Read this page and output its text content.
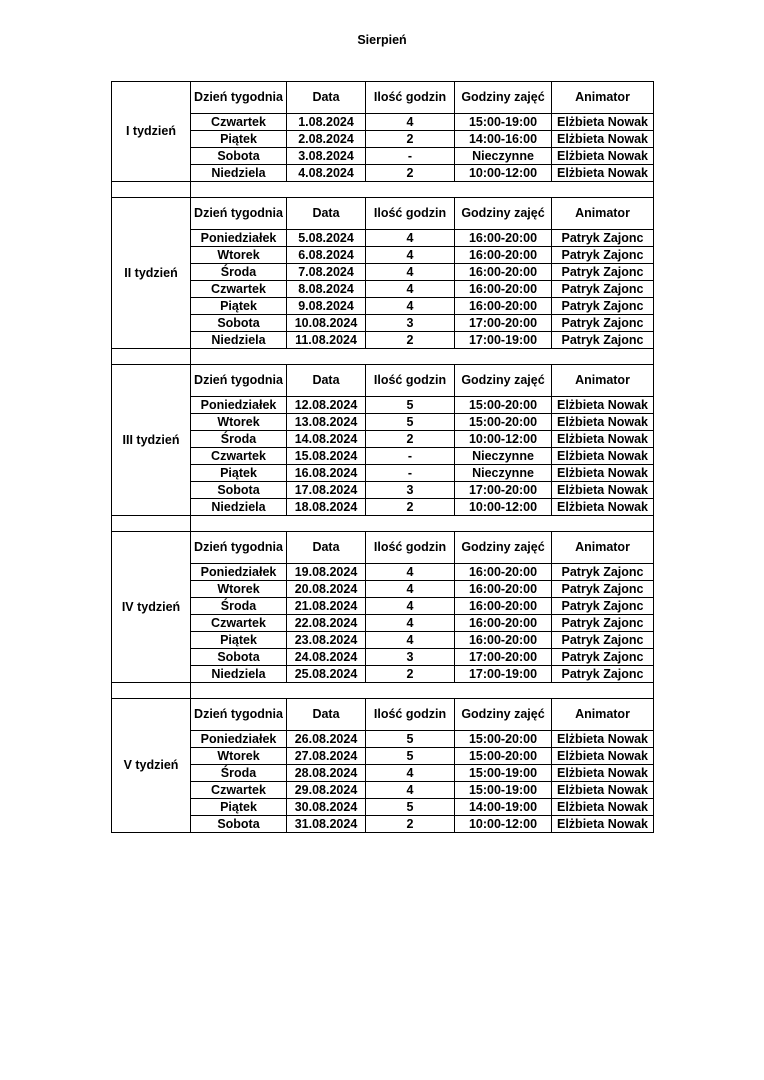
Sierpień
I tydzień	Dzień tygodnia	Data	Ilość godzin	Godziny zajęć	Animator
	Czwartek	1.08.2024	4	15:00-19:00	Elżbieta Nowak
	Piątek	2.08.2024	2	14:00-16:00	Elżbieta Nowak
	Sobota	3.08.2024	-	Nieczynne	Elżbieta Nowak
	Niedziela	4.08.2024	2	10:00-12:00	Elżbieta Nowak

II tydzień	Dzień tygodnia	Data	Ilość godzin	Godziny zajęć	Animator
	Poniedziałek	5.08.2024	4	16:00-20:00	Patryk Zajonc
	Wtorek	6.08.2024	4	16:00-20:00	Patryk Zajonc
	Środa	7.08.2024	4	16:00-20:00	Patryk Zajonc
	Czwartek	8.08.2024	4	16:00-20:00	Patryk Zajonc
	Piątek	9.08.2024	4	16:00-20:00	Patryk Zajonc
	Sobota	10.08.2024	3	17:00-20:00	Patryk Zajonc
	Niedziela	11.08.2024	2	17:00-19:00	Patryk Zajonc

III tydzień	Dzień tygodnia	Data	Ilość godzin	Godziny zajęć	Animator
	Poniedziałek	12.08.2024	5	15:00-20:00	Elżbieta Nowak
	Wtorek	13.08.2024	5	15:00-20:00	Elżbieta Nowak
	Środa	14.08.2024	2	10:00-12:00	Elżbieta Nowak
	Czwartek	15.08.2024	-	Nieczynne	Elżbieta Nowak
	Piątek	16.08.2024	-	Nieczynne	Elżbieta Nowak
	Sobota	17.08.2024	3	17:00-20:00	Elżbieta Nowak
	Niedziela	18.08.2024	2	10:00-12:00	Elżbieta Nowak

IV tydzień	Dzień tygodnia	Data	Ilość godzin	Godziny zajęć	Animator
	Poniedziałek	19.08.2024	4	16:00-20:00	Patryk Zajonc
	Wtorek	20.08.2024	4	16:00-20:00	Patryk Zajonc
	Środa	21.08.2024	4	16:00-20:00	Patryk Zajonc
	Czwartek	22.08.2024	4	16:00-20:00	Patryk Zajonc
	Piątek	23.08.2024	4	16:00-20:00	Patryk Zajonc
	Sobota	24.08.2024	3	17:00-20:00	Patryk Zajonc
	Niedziela	25.08.2024	2	17:00-19:00	Patryk Zajonc

V tydzień	Dzień tygodnia	Data	Ilość godzin	Godziny zajęć	Animator
	Poniedziałek	26.08.2024	5	15:00-20:00	Elżbieta Nowak
	Wtorek	27.08.2024	5	15:00-20:00	Elżbieta Nowak
	Środa	28.08.2024	4	15:00-19:00	Elżbieta Nowak
	Czwartek	29.08.2024	4	15:00-19:00	Elżbieta Nowak
	Piątek	30.08.2024	5	14:00-19:00	Elżbieta Nowak
	Sobota	31.08.2024	2	10:00-12:00	Elżbieta Nowak
